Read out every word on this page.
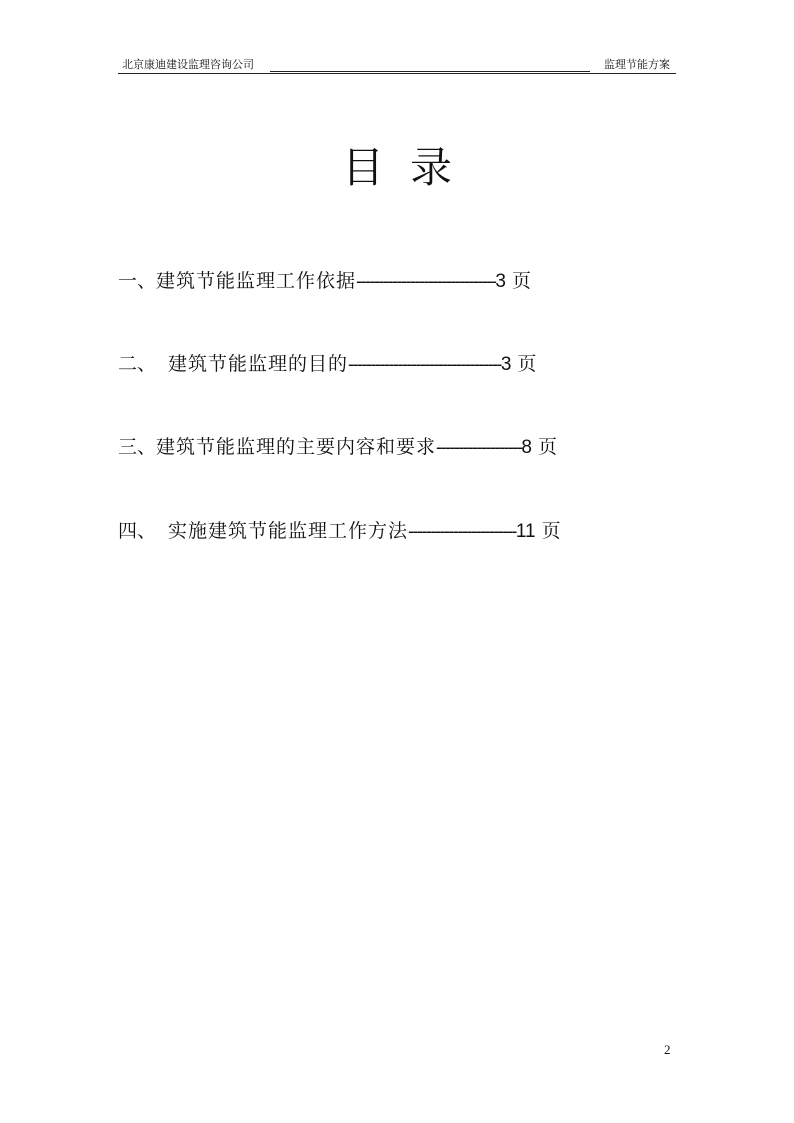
北京康迪建设监理咨询公司	监理节能方案
目录
一、建筑节能监理工作依据-------------------------------3 页
二、 建筑节能监理的目的----------------------------------3 页
三、建筑节能监理的主要内容和要求-------------------8 页
四、 实施建筑节能监理工作方法------------------------11 页
2
